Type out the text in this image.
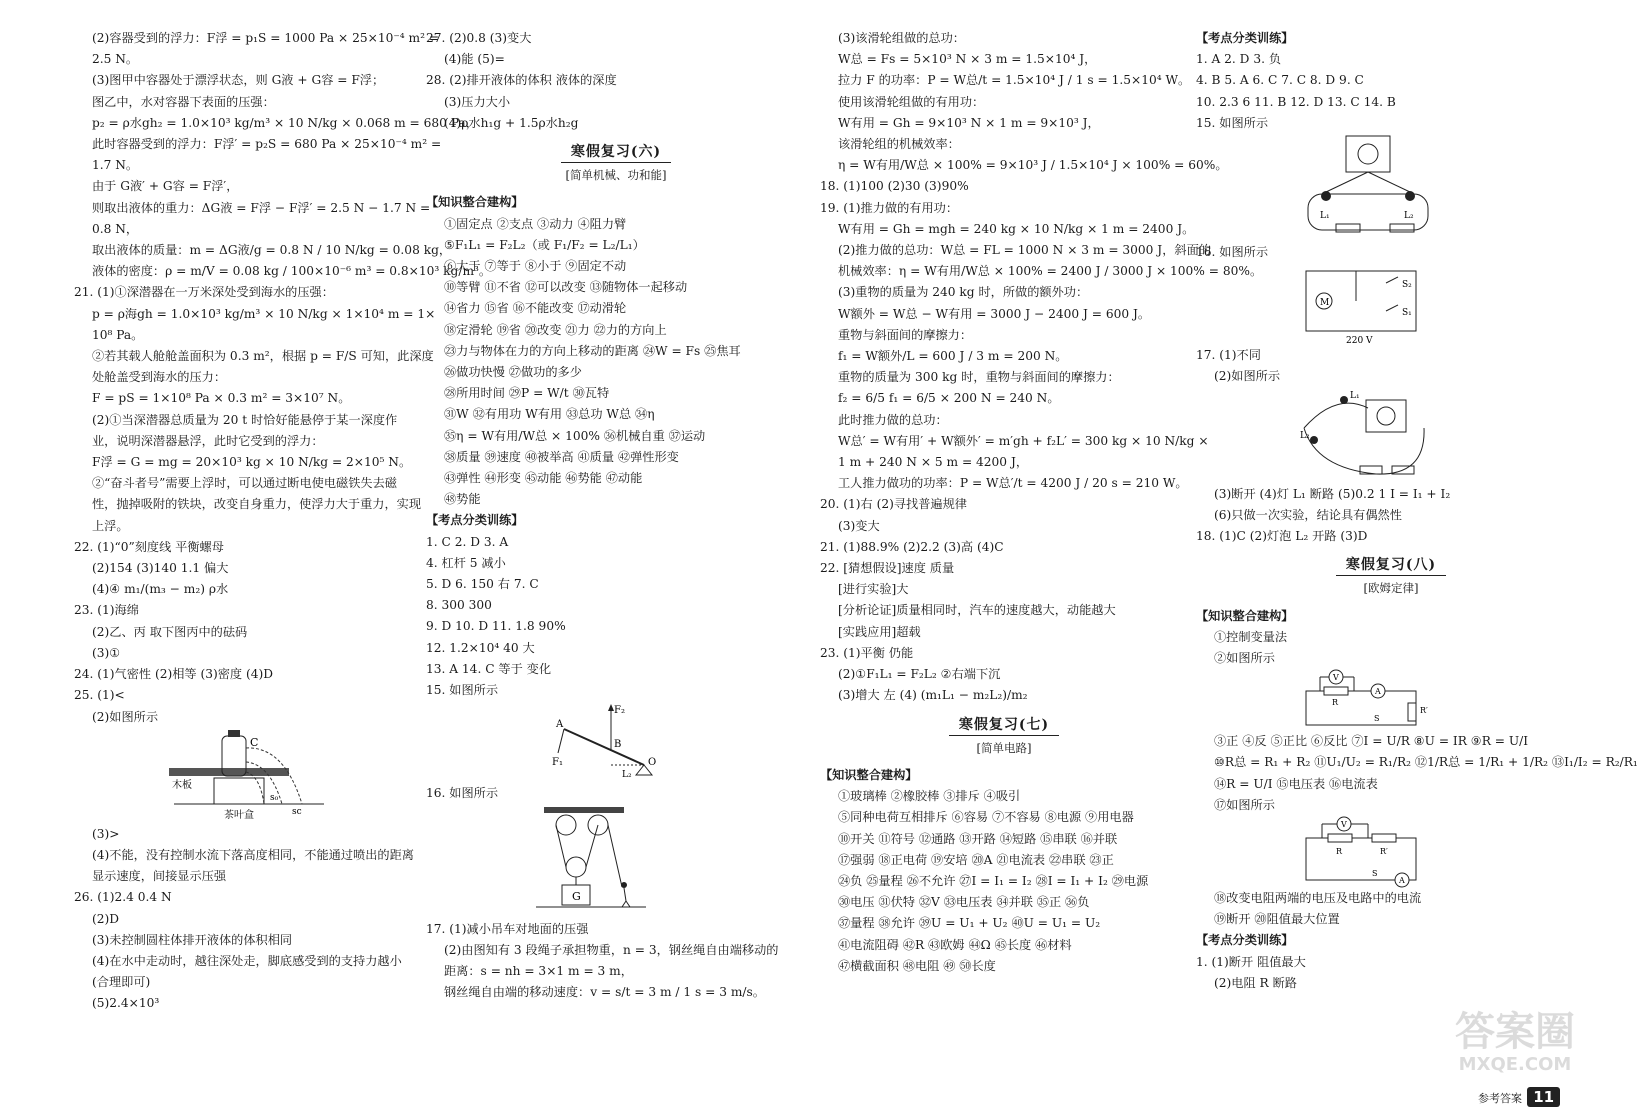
(2)容器受到的浮力：F浮 = p₁S = 1000 Pa × 25×10⁻⁴ m² =
2.5 N。
(3)图甲中容器处于漂浮状态，则 G液 + G容 = F浮；
图乙中，水对容器下表面的压强：
p₂ = ρ水gh₂ = 1.0×10³ kg/m³ × 10 N/kg × 0.068 m = 680 Pa，
此时容器受到的浮力：F浮′ = p₂S = 680 Pa × 25×10⁻⁴ m² =
1.7 N。
由于 G液′ + G容 = F浮′，
则取出液体的重力：ΔG液 = F浮 − F浮′ = 2.5 N − 1.7 N =
0.8 N，
取出液体的质量：m = ΔG液/g = 0.8 N / 10 N/kg = 0.08 kg，
液体的密度：ρ = m/V = 0.08 kg / 100×10⁻⁶ m³ = 0.8×10³ kg/m³。
21. (1)①深潜器在一万米深处受到海水的压强：
p = ρ海gh = 1.0×10³ kg/m³ × 10 N/kg × 1×10⁴ m = 1×
10⁸ Pa。
②若其载人舱舱盖面积为 0.3 m²，根据 p = F/S 可知，此深度
处舱盖受到海水的压力：
F = pS = 1×10⁸ Pa × 0.3 m² = 3×10⁷ N。
(2)①当深潜器总质量为 20 t 时恰好能悬停于某一深度作
业，说明深潜器悬浮，此时它受到的浮力：
F浮 = G = mg = 20×10³ kg × 10 N/kg = 2×10⁵ N。
②“奋斗者号”需要上浮时，可以通过断电使电磁铁失去磁
性，抛掉吸附的铁块，改变自身重力，使浮力大于重力，实现
上浮。
22. (1)“0”刻度线 平衡螺母
(2)154 (3)140 1.1 偏大
(4)④ m₁/(m₃ − m₂) ρ水
23. (1)海绵
(2)乙、丙 取下图丙中的砝码
(3)①
24. (1)气密性 (2)相等 (3)密度 (4)D
25. (1)<
(2)如图所示
C
木板
茶叶盒
s₀
sc
(3)>
(4)不能，没有控制水流下落高度相同，不能通过喷出的距离
显示速度，间接显示压强
26. (1)2.4 0.4 N
(2)D
(3)未控制圆柱体排开液体的体积相同
(4)在水中走动时，越往深处走，脚底感受到的支持力越小
(合理即可)
(5)2.4×10³
27. (2)0.8 (3)变大
(4)能 (5)=
28. (2)排开液体的体积 液体的深度
(3)压力大小
(4)ρ水h₁g + 1.5ρ水h₂g
寒假复习(六)
[简单机械、功和能]
【知识整合建构】
①固定点 ②支点 ③动力 ④阻力臂
⑤F₁L₁ = F₂L₂（或 F₁/F₂ = L₂/L₁）
⑥大于 ⑦等于 ⑧小于 ⑨固定不动
⑩等臂 ⑪不省 ⑫可以改变 ⑬随物体一起移动
⑭省力 ⑮省 ⑯不能改变 ⑰动滑轮
⑱定滑轮 ⑲省 ⑳改变 ㉑力 ㉒力的方向上
㉓力与物体在力的方向上移动的距离 ㉔W = Fs ㉕焦耳
㉖做功快慢 ㉗做功的多少
㉘所用时间 ㉙P = W/t ㉚瓦特
㉛W ㉜有用功 W有用 ㉝总功 W总 ㉞η
㉟η = W有用/W总 × 100% ㊱机械自重 ㊲运动
㊳质量 ㊴速度 ㊵被举高 ㊶质量 ㊷弹性形变
㊸弹性 ㊹形变 ㊺动能 ㊻势能 ㊼动能
㊽势能
【考点分类训练】
1. C 2. D 3. A
4. 杠杆 5 减小
5. D 6. 150 右 7. C
8. 300 300
9. D 10. D 11. 1.8 90%
12. 1.2×10⁴ 40 大
13. A 14. C 等于 变化
15. 如图所示
F₂
A
B
F₁
L₂
O
16. 如图所示
G
17. (1)减小吊车对地面的压强
(2)由图知有 3 段绳子承担物重，n = 3，钢丝绳自由端移动的
距离：s = nh = 3×1 m = 3 m，
钢丝绳自由端的移动速度：v = s/t = 3 m / 1 s = 3 m/s。
(3)该滑轮组做的总功：
W总 = Fs = 5×10³ N × 3 m = 1.5×10⁴ J，
拉力 F 的功率：P = W总/t = 1.5×10⁴ J / 1 s = 1.5×10⁴ W。
使用该滑轮组做的有用功：
W有用 = Gh = 9×10³ N × 1 m = 9×10³ J，
该滑轮组的机械效率：
η = W有用/W总 × 100% = 9×10³ J / 1.5×10⁴ J × 100% = 60%。
18. (1)100 (2)30 (3)90%
19. (1)推力做的有用功：
W有用 = Gh = mgh = 240 kg × 10 N/kg × 1 m = 2400 J。
(2)推力做的总功：W总 = FL = 1000 N × 3 m = 3000 J，斜面的
机械效率：η = W有用/W总 × 100% = 2400 J / 3000 J × 100% = 80%。
(3)重物的质量为 240 kg 时，所做的额外功：
W额外 = W总 − W有用 = 3000 J − 2400 J = 600 J。
重物与斜面间的摩擦力：
f₁ = W额外/L = 600 J / 3 m = 200 N。
重物的质量为 300 kg 时，重物与斜面间的摩擦力：
f₂ = 6/5 f₁ = 6/5 × 200 N = 240 N。
此时推力做的总功：
W总′ = W有用′ + W额外′ = m′gh + f₂L′ = 300 kg × 10 N/kg ×
1 m + 240 N × 5 m = 4200 J，
工人推力做功的功率：P = W总′/t = 4200 J / 20 s = 210 W。
20. (1)右 (2)寻找普遍规律
(3)变大
21. (1)88.9% (2)2.2 (3)高 (4)C
22. [猜想假设]速度 质量
[进行实验]大
[分析论证]质量相同时，汽车的速度越大，动能越大
[实践应用]超载
23. (1)平衡 仍能
(2)①F₁L₁ = F₂L₂ ②右端下沉
(3)增大 左 (4) (m₁L₁ − m₂L₂)/m₂
寒假复习(七)
[简单电路]
【知识整合建构】
①玻璃棒 ②橡胶棒 ③排斥 ④吸引
⑤同种电荷互相排斥 ⑥容易 ⑦不容易 ⑧电源 ⑨用电器
⑩开关 ⑪符号 ⑫通路 ⑬开路 ⑭短路 ⑮串联 ⑯并联
⑰强弱 ⑱正电荷 ⑲安培 ⑳A ㉑电流表 ㉒串联 ㉓正
㉔负 ㉕量程 ㉖不允许 ㉗I = I₁ = I₂ ㉘I = I₁ + I₂ ㉙电源
㉚电压 ㉛伏特 ㉜V ㉝电压表 ㉞并联 ㉟正 ㊱负
㊲量程 ㊳允许 ㊴U = U₁ + U₂ ㊵U = U₁ = U₂
㊶电流阻碍 ㊷R ㊸欧姆 ㊹Ω ㊺长度 ㊻材料
㊼横截面积 ㊽电阻 ㊾ ㊿长度
【考点分类训练】
1. A 2. D 3. 负
4. B 5. A 6. C 7. C 8. D 9. C
10. 2.3 6 11. B 12. D 13. C 14. B
15. 如图所示
L₁	L₂
16. 如图所示
M
S₂
S₁
220 V
17. (1)不同
(2)如图所示
L₁
L₂
(3)断开 (4)灯 L₁ 断路 (5)0.2 1 I = I₁ + I₂
(6)只做一次实验，结论具有偶然性
18. (1)C (2)灯泡 L₂ 开路 (3)D
寒假复习(八)
[欧姆定律]
【知识整合建构】
①控制变量法
②如图所示
V
R
A
S
R′
③正 ④反 ⑤正比 ⑥反比 ⑦I = U/R ⑧U = IR ⑨R = U/I
⑩R总 = R₁ + R₂ ⑪U₁/U₂ = R₁/R₂ ⑫1/R总 = 1/R₁ + 1/R₂ ⑬I₁/I₂ = R₂/R₁
⑭R = U/I ⑮电压表 ⑯电流表
⑰如图所示
V
R	R′
S
A
⑱改变电阻两端的电压及电路中的电流
⑲断开 ⑳阻值最大位置
【考点分类训练】
1. (1)断开 阻值最大
(2)电阻 R 断路
答案圈
MXQE.COM
参考答案 11
